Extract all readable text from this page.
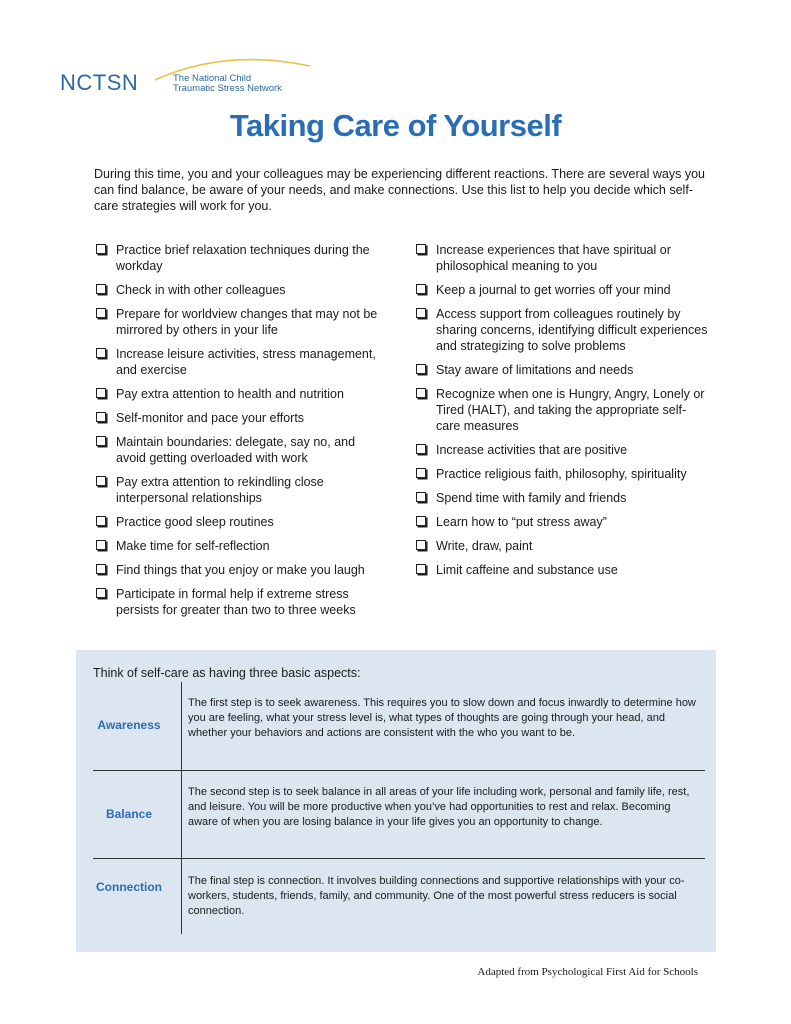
NCTSN	The National Child
Traumatic Stress Network
Taking Care of Yourself

During this time, you and your colleagues may be experiencing different reactions. There are several ways you can find balance, be aware of your needs, and make connections. Use this list to help you decide which self-care strategies will work for you.

Practice brief relaxation techniques during the workday
Check in with other colleagues
Prepare for worldview changes that may not be mirrored by others in your life
Increase leisure activities, stress management, and exercise
Pay extra attention to health and nutrition
Self-monitor and pace your efforts
Maintain boundaries: delegate, say no, and avoid getting overloaded with work
Pay extra attention to rekindling close interpersonal relationships
Practice good sleep routines
Make time for self-reflection
Find things that you enjoy or make you laugh
Participate in formal help if extreme stress persists for greater than two to three weeks
Increase experiences that have spiritual or philosophical meaning to you
Keep a journal to get worries off your mind
Access support from colleagues routinely by sharing concerns, identifying difficult experiences and strategizing to solve problems
Stay aware of limitations and needs
Recognize when one is Hungry, Angry, Lonely or Tired (HALT), and taking the appropriate self-care measures
Increase activities that are positive
Practice religious faith, philosophy, spirituality
Spend time with family and friends
Learn how to “put stress away”
Write, draw, paint
Limit caffeine and substance use

Think of self-care as having three basic aspects:

Awareness

The first step is to seek awareness. This requires you to slow down and focus inwardly to determine how you are feeling, what your stress level is, what types of thoughts are going through your head, and whether your behaviors and actions are consistent with the who you want to be.

Balance

The second step is to seek balance in all areas of your life including work, personal and family life, rest, and leisure. You will be more productive when you’ve had opportunities to rest and relax. Becoming aware of when you are losing balance in your life gives you an opportunity to change.

Connection The final step is connection. It involves building connections and supportive relationships with your co-workers, students, friends, family, and community. One of the most powerful stress reducers is social connection.

Adapted from Psychological First Aid for Schools
